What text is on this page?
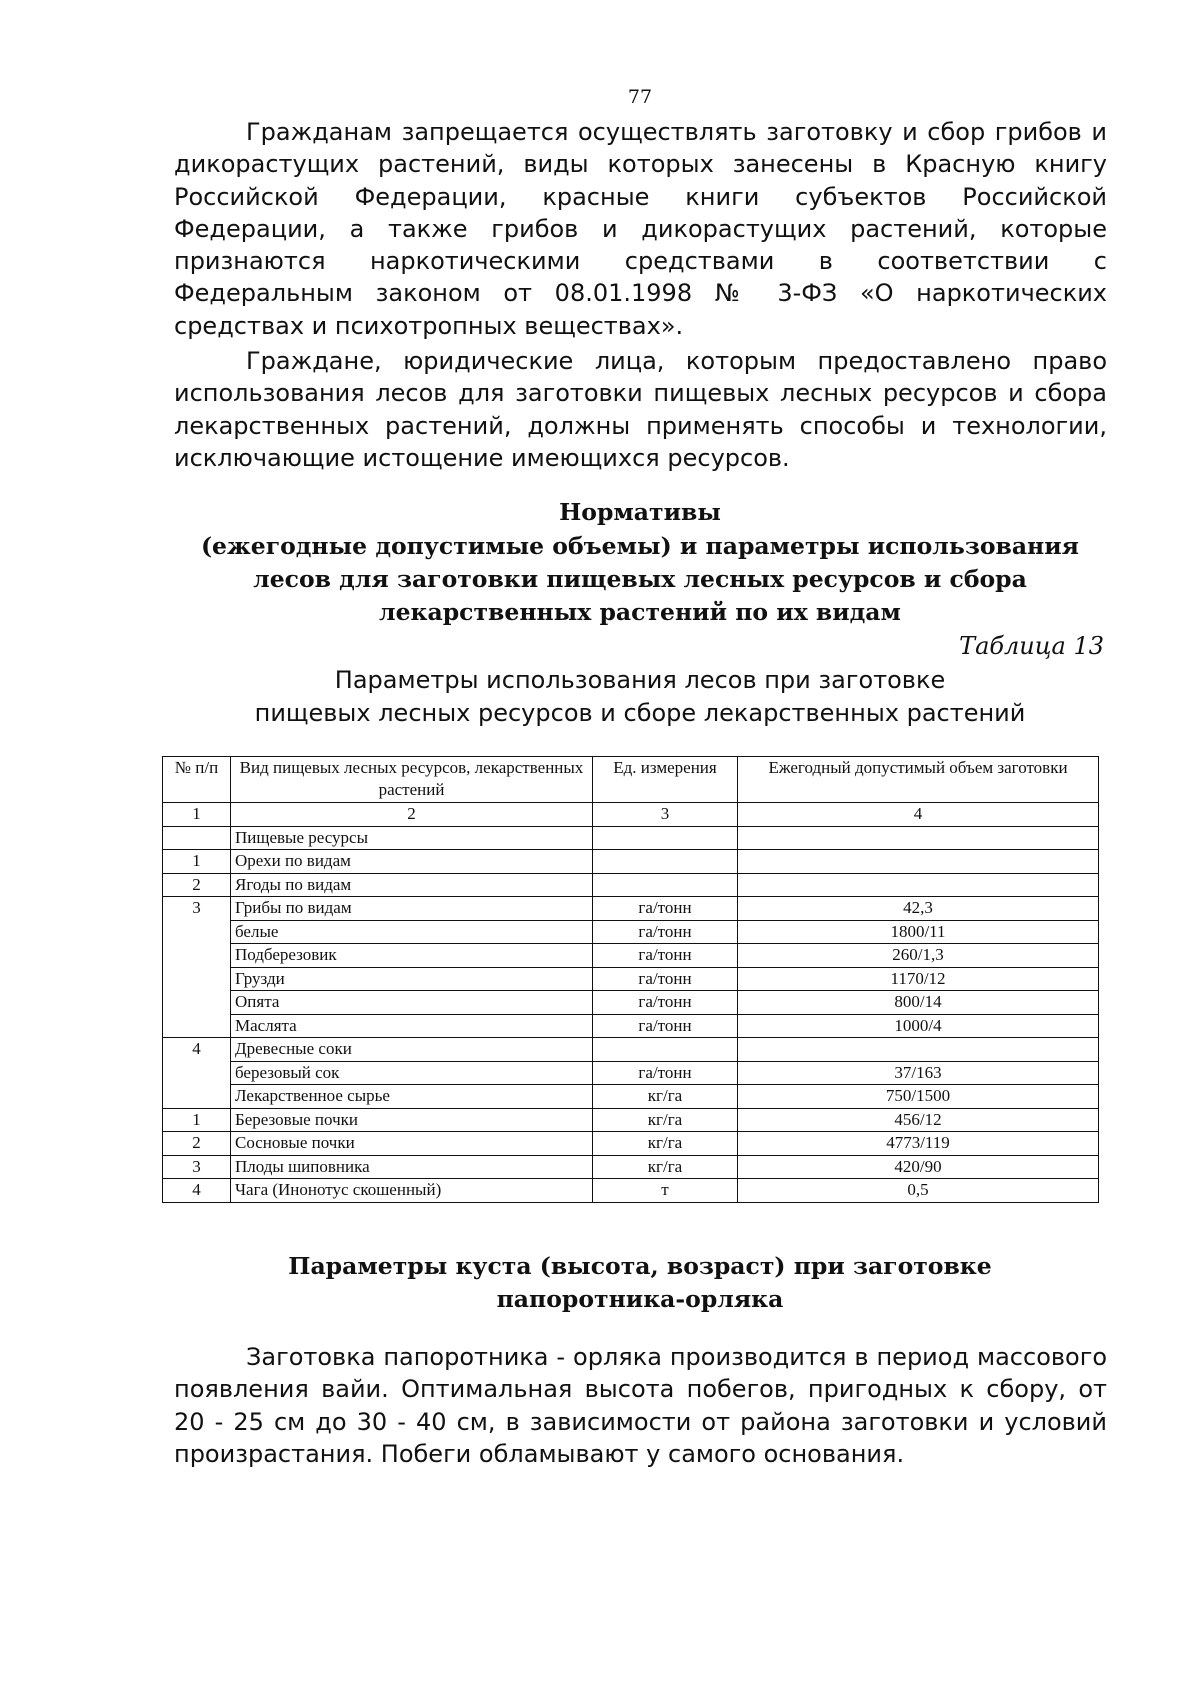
77

Гражданам запрещается осуществлять заготовку и сбор грибов и дикорастущих растений, виды которых занесены в Красную книгу Российской Федерации, красные книги субъектов Российской Федерации, а также грибов и дикорастущих растений, которые признаются наркотическими средствами в соответствии с Федеральным законом от 08.01.1998 № 3-ФЗ «О наркотических средствах и психотропных веществах».

Граждане, юридические лица, которым предоставлено право использования лесов для заготовки пищевых лесных ресурсов и сбора лекарственных растений, должны применять способы и технологии, исключающие истощение имеющихся ресурсов.

Нормативы
(ежегодные допустимые объемы) и параметры использования лесов для заготовки пищевых лесных ресурсов и сбора лекарственных растений по их видам
Таблица 13

Параметры использования лесов при заготовке
пищевых лесных ресурсов и сборе лекарственных растений

№ п/п	Вид пищевых лесных ресурсов, лекарственных растений	Ед. измерения	Ежегодный допустимый объем заготовки
1	2	3	4
	Пищевые ресурсы		
1	Орехи по видам		
2	Ягоды по видам		
3	Грибы по видам	га/тонн	42,3
	белые	га/тонн	1800/11
	Подберезовик	га/тонн	260/1,3
	Грузди	га/тонн	1170/12
	Опята	га/тонн	800/14
	Маслята	га/тонн	1000/4
4	Древесные соки		
	березовый сок	га/тонн	37/163
	Лекарственное сырье	кг/га	750/1500
1	Березовые почки	кг/га	456/12
2	Сосновые почки	кг/га	4773/119
3	Плоды шиповника	кг/га	420/90
4	Чага (Инонотус скошенный)	т	0,5
Параметры куста (высота, возраст) при заготовке
папоротника-орляка

Заготовка папоротника - орляка производится в период массового появления вайи. Оптимальная высота побегов, пригодных к сбору, от 20 - 25 см до 30 - 40 см, в зависимости от района заготовки и условий произрастания. Побеги обламывают у самого основания.
